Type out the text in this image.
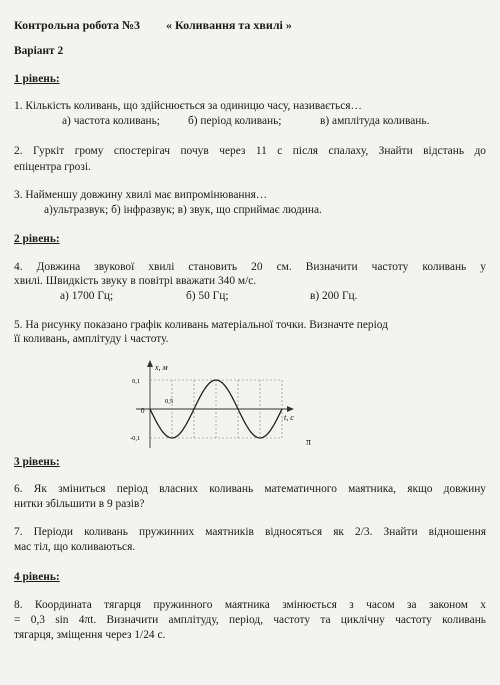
Контрольна робота №3 « Коливання та хвилі »
Варіант 2
1 рівень:
1. Кількість коливань, що здійснюється за одиницю часу, називається…
а) частота коливань; б) період коливань;	в) амплітуда коливань.
2. Гуркіт грому спостерігач почув через 11 с після спалаху, Знайти відстань до
епіцентра грозі.
3. Найменшу довжину хвилі має випромінювання…
а)ультразвук; б) інфразвук; в) звук, що сприймає людина.
2 рівень:
4. Довжина звукової хвилі становить 20 см. Визначити частоту коливань у
хвилі. Швидкість звуку в повітрі вважати 340 м/с.
а) 1700 Гц;	б) 50 Гц;	в) 200 Гц.
5. На рисунку показано графік коливань матеріальної точки. Визначте період
її коливань, амплітуду і частоту.
x, м
t, c
0,1
-0,1
0
0,5
π
3 рівень:
6. Як зміниться період власних коливань математичного маятника, якщо довжину
нитки збільшити в 9 разів?
7. Періоди коливань пружинних маятників відносяться як 2/3. Знайти відношення
мас тіл, що коливаються.
4 рівень:
8. Координата тягарця пружинного маятника змінюється з часом за законом х
= 0,3 sin 4πt. Визначити амплітуду, період, частоту та циклічну частоту коливань
тягарця, зміщення через 1/24 с.
